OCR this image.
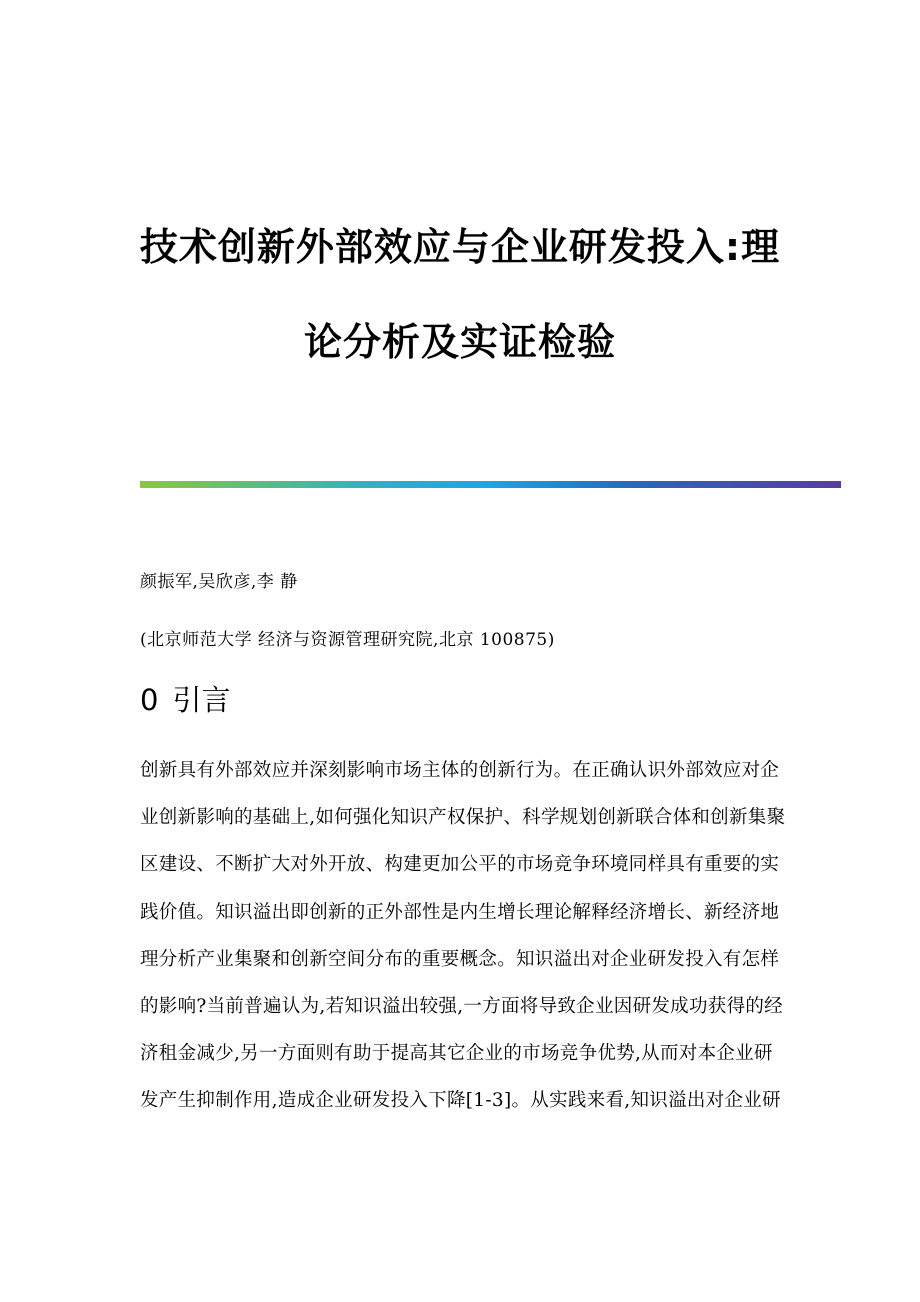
技术创新外部效应与企业研发投入:理
论分析及实证检验

颜振军,吴欣彦,李 静

(北京师范大学 经济与资源管理研究院,北京 100875)

0 引言
创新具有外部效应并深刻影响市场主体的创新行为。在正确认识外部效应对企
业创新影响的基础上,如何强化知识产权保护、科学规划创新联合体和创新集聚
区建设、不断扩大对外开放、构建更加公平的市场竞争环境同样具有重要的实
践价值。知识溢出即创新的正外部性是内生增长理论解释经济增长、新经济地
理分析产业集聚和创新空间分布的重要概念。知识溢出对企业研发投入有怎样
的影响?当前普遍认为,若知识溢出较强,一方面将导致企业因研发成功获得的经
济租金减少,另一方面则有助于提高其它企业的市场竞争优势,从而对本企业研
发产生抑制作用,造成企业研发投入下降[1-3]。从实践来看,知识溢出对企业研
